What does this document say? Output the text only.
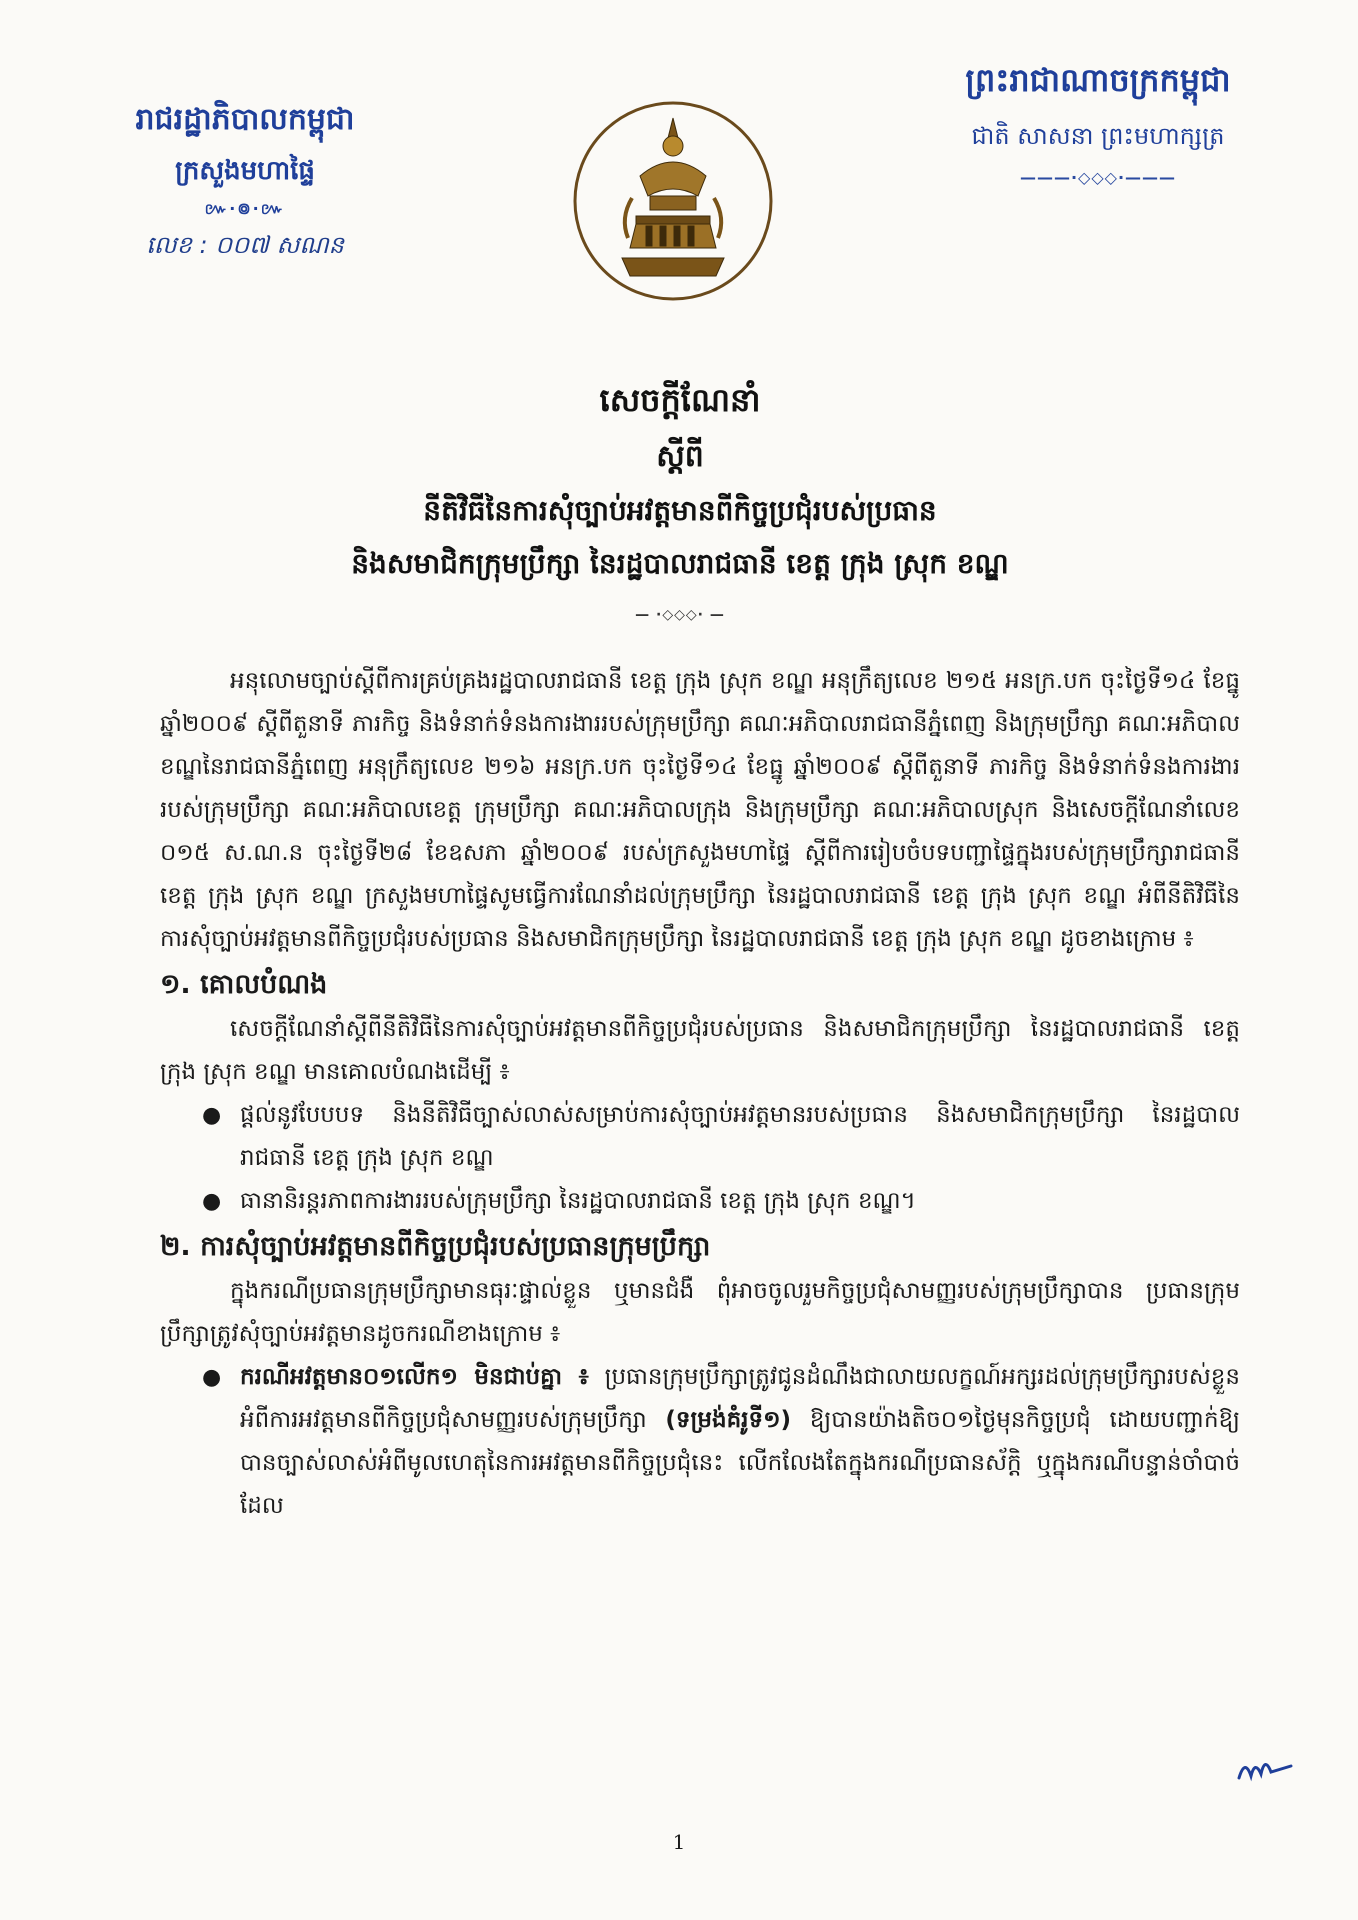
រាជរដ្ឋាភិបាលកម្ពុជា
ក្រសួងមហាផ្ទៃ
៚·៙·៚
លេខ : ០០៧ សណន
ព្រះរាជាណាចក្រកម្ពុជា
ជាតិ សាសនា ព្រះមហាក្សត្រ
———·◇◇◇·———
សេចក្ដីណែនាំ
ស្ដីពី
នីតិវិធីនៃការសុំច្បាប់អវត្តមានពីកិច្ចប្រជុំរបស់ប្រធាន
និងសមាជិកក្រុមប្រឹក្សា នៃរដ្ឋបាលរាជធានី ខេត្ត ក្រុង ស្រុក ខណ្ឌ
— ·◇◇◇· —

អនុលោមច្បាប់ស្ដីពីការគ្រប់គ្រងរដ្ឋបាលរាជធានី ខេត្ត ក្រុង ស្រុក ខណ្ឌ អនុក្រឹត្យលេខ ២១៥ អនក្រ.បក ចុះថ្ងៃទី១៤ ខែធ្នូ ឆ្នាំ២០០៩ ស្ដីពីតួនាទី ភារកិច្ច និងទំនាក់ទំនងការងាររបស់ក្រុមប្រឹក្សា គណៈអភិបាលរាជធានីភ្នំពេញ និងក្រុមប្រឹក្សា គណៈអភិបាលខណ្ឌនៃរាជធានីភ្នំពេញ អនុក្រឹត្យលេខ ២១៦ អនក្រ.បក ចុះថ្ងៃទី១៤ ខែធ្នូ ឆ្នាំ២០០៩ ស្ដីពីតួនាទី ភារកិច្ច និងទំនាក់ទំនងការងាររបស់ក្រុមប្រឹក្សា គណៈអភិបាលខេត្ត ក្រុមប្រឹក្សា គណៈអភិបាលក្រុង និងក្រុមប្រឹក្សា គណៈអភិបាលស្រុក និងសេចក្ដីណែនាំលេខ ០១៥ ស.ណ.ន ចុះថ្ងៃទី២៨ ខែឧសភា ឆ្នាំ២០០៩ របស់ក្រសួងមហាផ្ទៃ ស្ដីពីការរៀបចំបទបញ្ជាផ្ទៃក្នុងរបស់ក្រុមប្រឹក្សារាជធានី ខេត្ត ក្រុង ស្រុក ខណ្ឌ ក្រសួងមហាផ្ទៃសូមធ្វើការណែនាំដល់ក្រុមប្រឹក្សា នៃរដ្ឋបាលរាជធានី ខេត្ត ក្រុង ស្រុក ខណ្ឌ អំពីនីតិវិធីនៃការសុំច្បាប់អវត្តមានពីកិច្ចប្រជុំរបស់ប្រធាន និងសមាជិកក្រុមប្រឹក្សា នៃរដ្ឋបាលរាជធានី ខេត្ត ក្រុង ស្រុក ខណ្ឌ ដូចខាងក្រោម ៖

១. គោលបំណង

សេចក្ដីណែនាំស្ដីពីនីតិវិធីនៃការសុំច្បាប់អវត្តមានពីកិច្ចប្រជុំរបស់ប្រធាន និងសមាជិកក្រុមប្រឹក្សា នៃរដ្ឋបាលរាជធានី ខេត្ត ក្រុង ស្រុក ខណ្ឌ មានគោលបំណងដើម្បី ៖

● ផ្ដល់នូវបែបបទ និងនីតិវិធីច្បាស់លាស់សម្រាប់ការសុំច្បាប់អវត្តមានរបស់ប្រធាន និងសមាជិកក្រុមប្រឹក្សា នៃរដ្ឋបាលរាជធានី ខេត្ត ក្រុង ស្រុក ខណ្ឌ
● ធានានិរន្តរភាពការងាររបស់ក្រុមប្រឹក្សា នៃរដ្ឋបាលរាជធានី ខេត្ត ក្រុង ស្រុក ខណ្ឌ។
២. ការសុំច្បាប់អវត្តមានពីកិច្ចប្រជុំរបស់ប្រធានក្រុមប្រឹក្សា

ក្នុងករណីប្រធានក្រុមប្រឹក្សាមានធុរៈផ្ទាល់ខ្លួន ឬមានជំងឺ ពុំអាចចូលរួមកិច្ចប្រជុំសាមញ្ញរបស់ក្រុមប្រឹក្សាបាន ប្រធានក្រុមប្រឹក្សាត្រូវសុំច្បាប់អវត្តមានដូចករណីខាងក្រោម ៖

● ករណីអវត្តមាន០១លើក១ មិនជាប់គ្នា ៖ ប្រធានក្រុមប្រឹក្សាត្រូវជូនដំណឹងជាលាយលក្ខណ៍អក្សរដល់ក្រុមប្រឹក្សារបស់ខ្លួនអំពីការអវត្តមានពីកិច្ចប្រជុំសាមញ្ញរបស់ក្រុមប្រឹក្សា (ទម្រង់គំរូទី១) ឱ្យបានយ៉ាងតិច០១ថ្ងៃមុនកិច្ចប្រជុំ ដោយបញ្ជាក់ឱ្យបានច្បាស់លាស់អំពីមូលហេតុនៃការអវត្តមានពីកិច្ចប្រជុំនេះ លើកលែងតែក្នុងករណីប្រធានស័ក្តិ ឬក្នុងករណីបន្ទាន់ចាំបាច់ដែល
1
